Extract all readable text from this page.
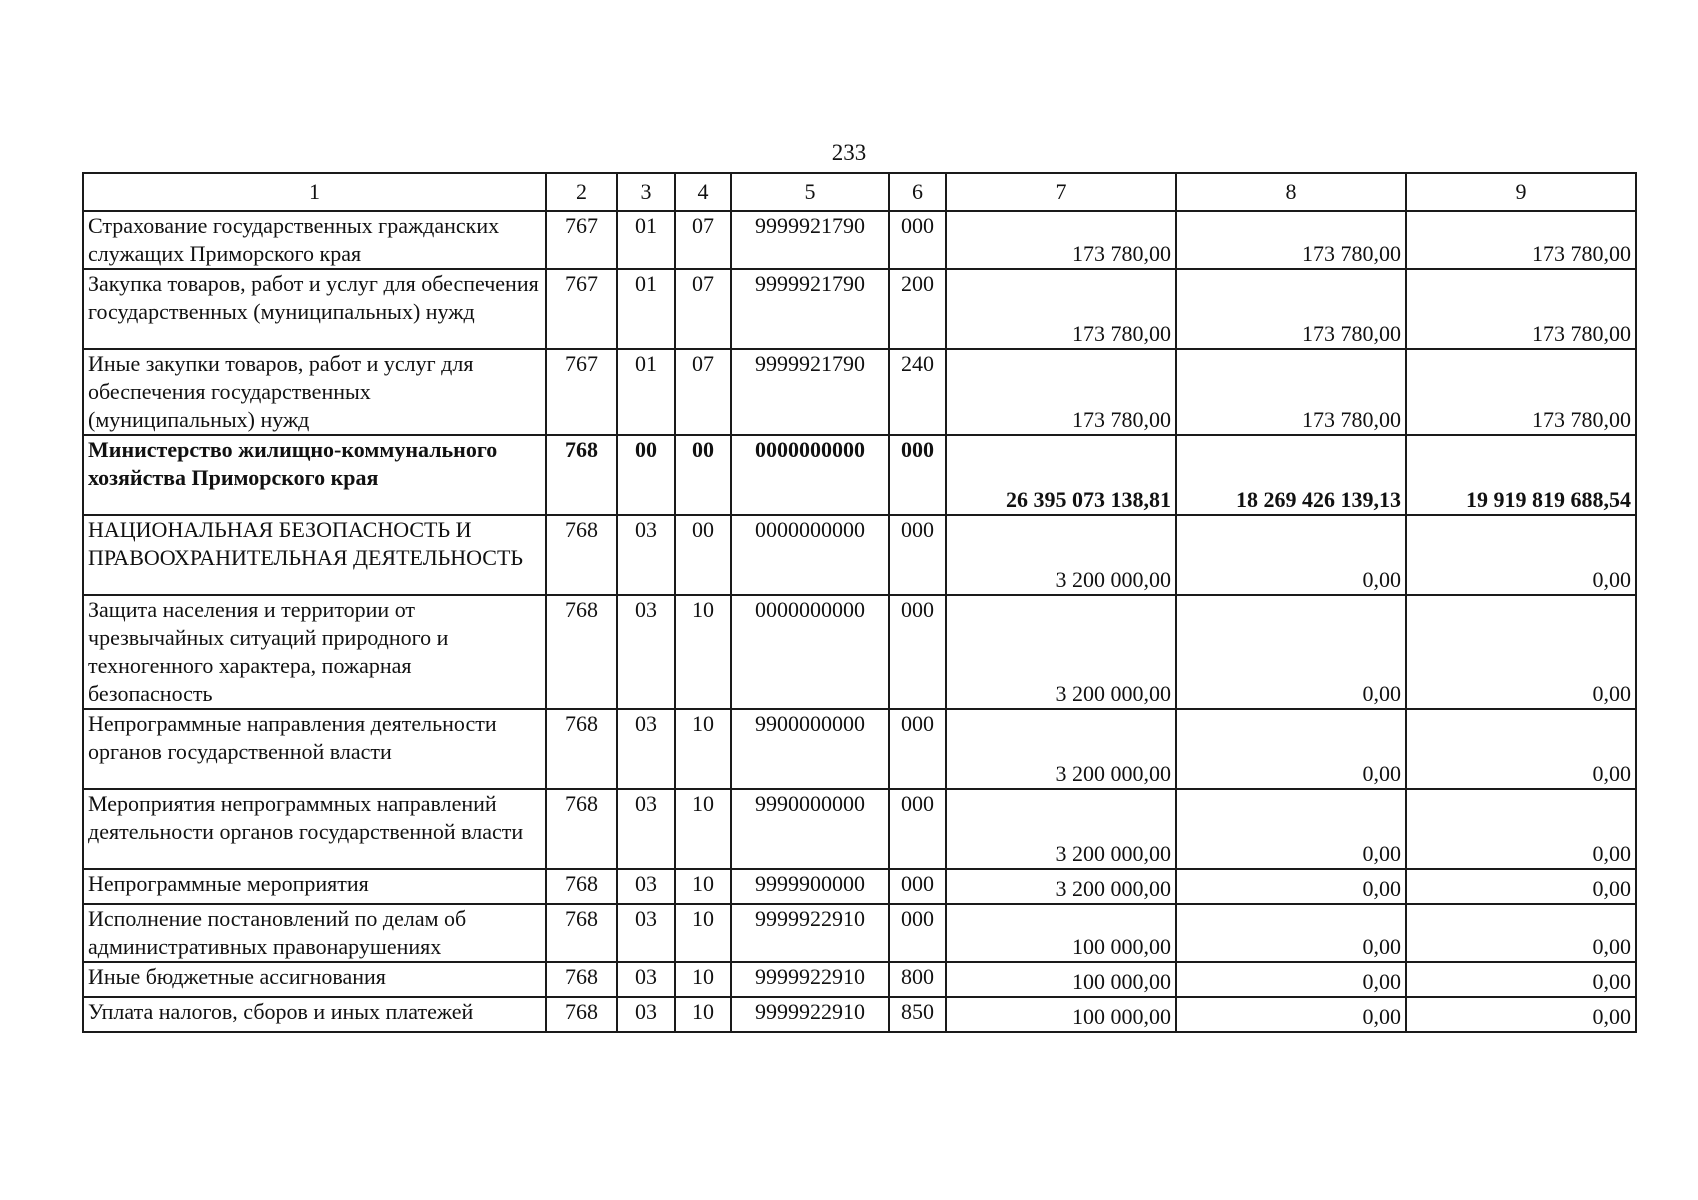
233
1	2	3	4	5	6	7	8	9
Страхование государственных гражданских служащих Приморского края	767	01	07	9999921790	000	173 780,00	173 780,00	173 780,00
Закупка товаров, работ и услуг для обеспечения государственных (муниципальных) нужд	767	01	07	9999921790	200	173 780,00	173 780,00	173 780,00
Иные закупки товаров, работ и услуг для обеспечения государственных (муниципальных) нужд	767	01	07	9999921790	240	173 780,00	173 780,00	173 780,00
Министерство жилищно-коммунального хозяйства Приморского края	768	00	00	0000000000	000	26 395 073 138,81	18 269 426 139,13	19 919 819 688,54
НАЦИОНАЛЬНАЯ БЕЗОПАСНОСТЬ И ПРАВООХРАНИТЕЛЬНАЯ ДЕЯТЕЛЬНОСТЬ	768	03	00	0000000000	000	3 200 000,00	0,00	0,00
Защита населения и территории от чрезвычайных ситуаций природного и техногенного характера, пожарная безопасность	768	03	10	0000000000	000	3 200 000,00	0,00	0,00
Непрограммные направления деятельности органов государственной власти	768	03	10	9900000000	000	3 200 000,00	0,00	0,00
Мероприятия непрограммных направлений деятельности органов государственной власти	768	03	10	9990000000	000	3 200 000,00	0,00	0,00
Непрограммные мероприятия	768	03	10	9999900000	000	3 200 000,00	0,00	0,00
Исполнение постановлений по делам об административных правонарушениях	768	03	10	9999922910	000	100 000,00	0,00	0,00
Иные бюджетные ассигнования	768	03	10	9999922910	800	100 000,00	0,00	0,00
Уплата налогов, сборов и иных платежей	768	03	10	9999922910	850	100 000,00	0,00	0,00
